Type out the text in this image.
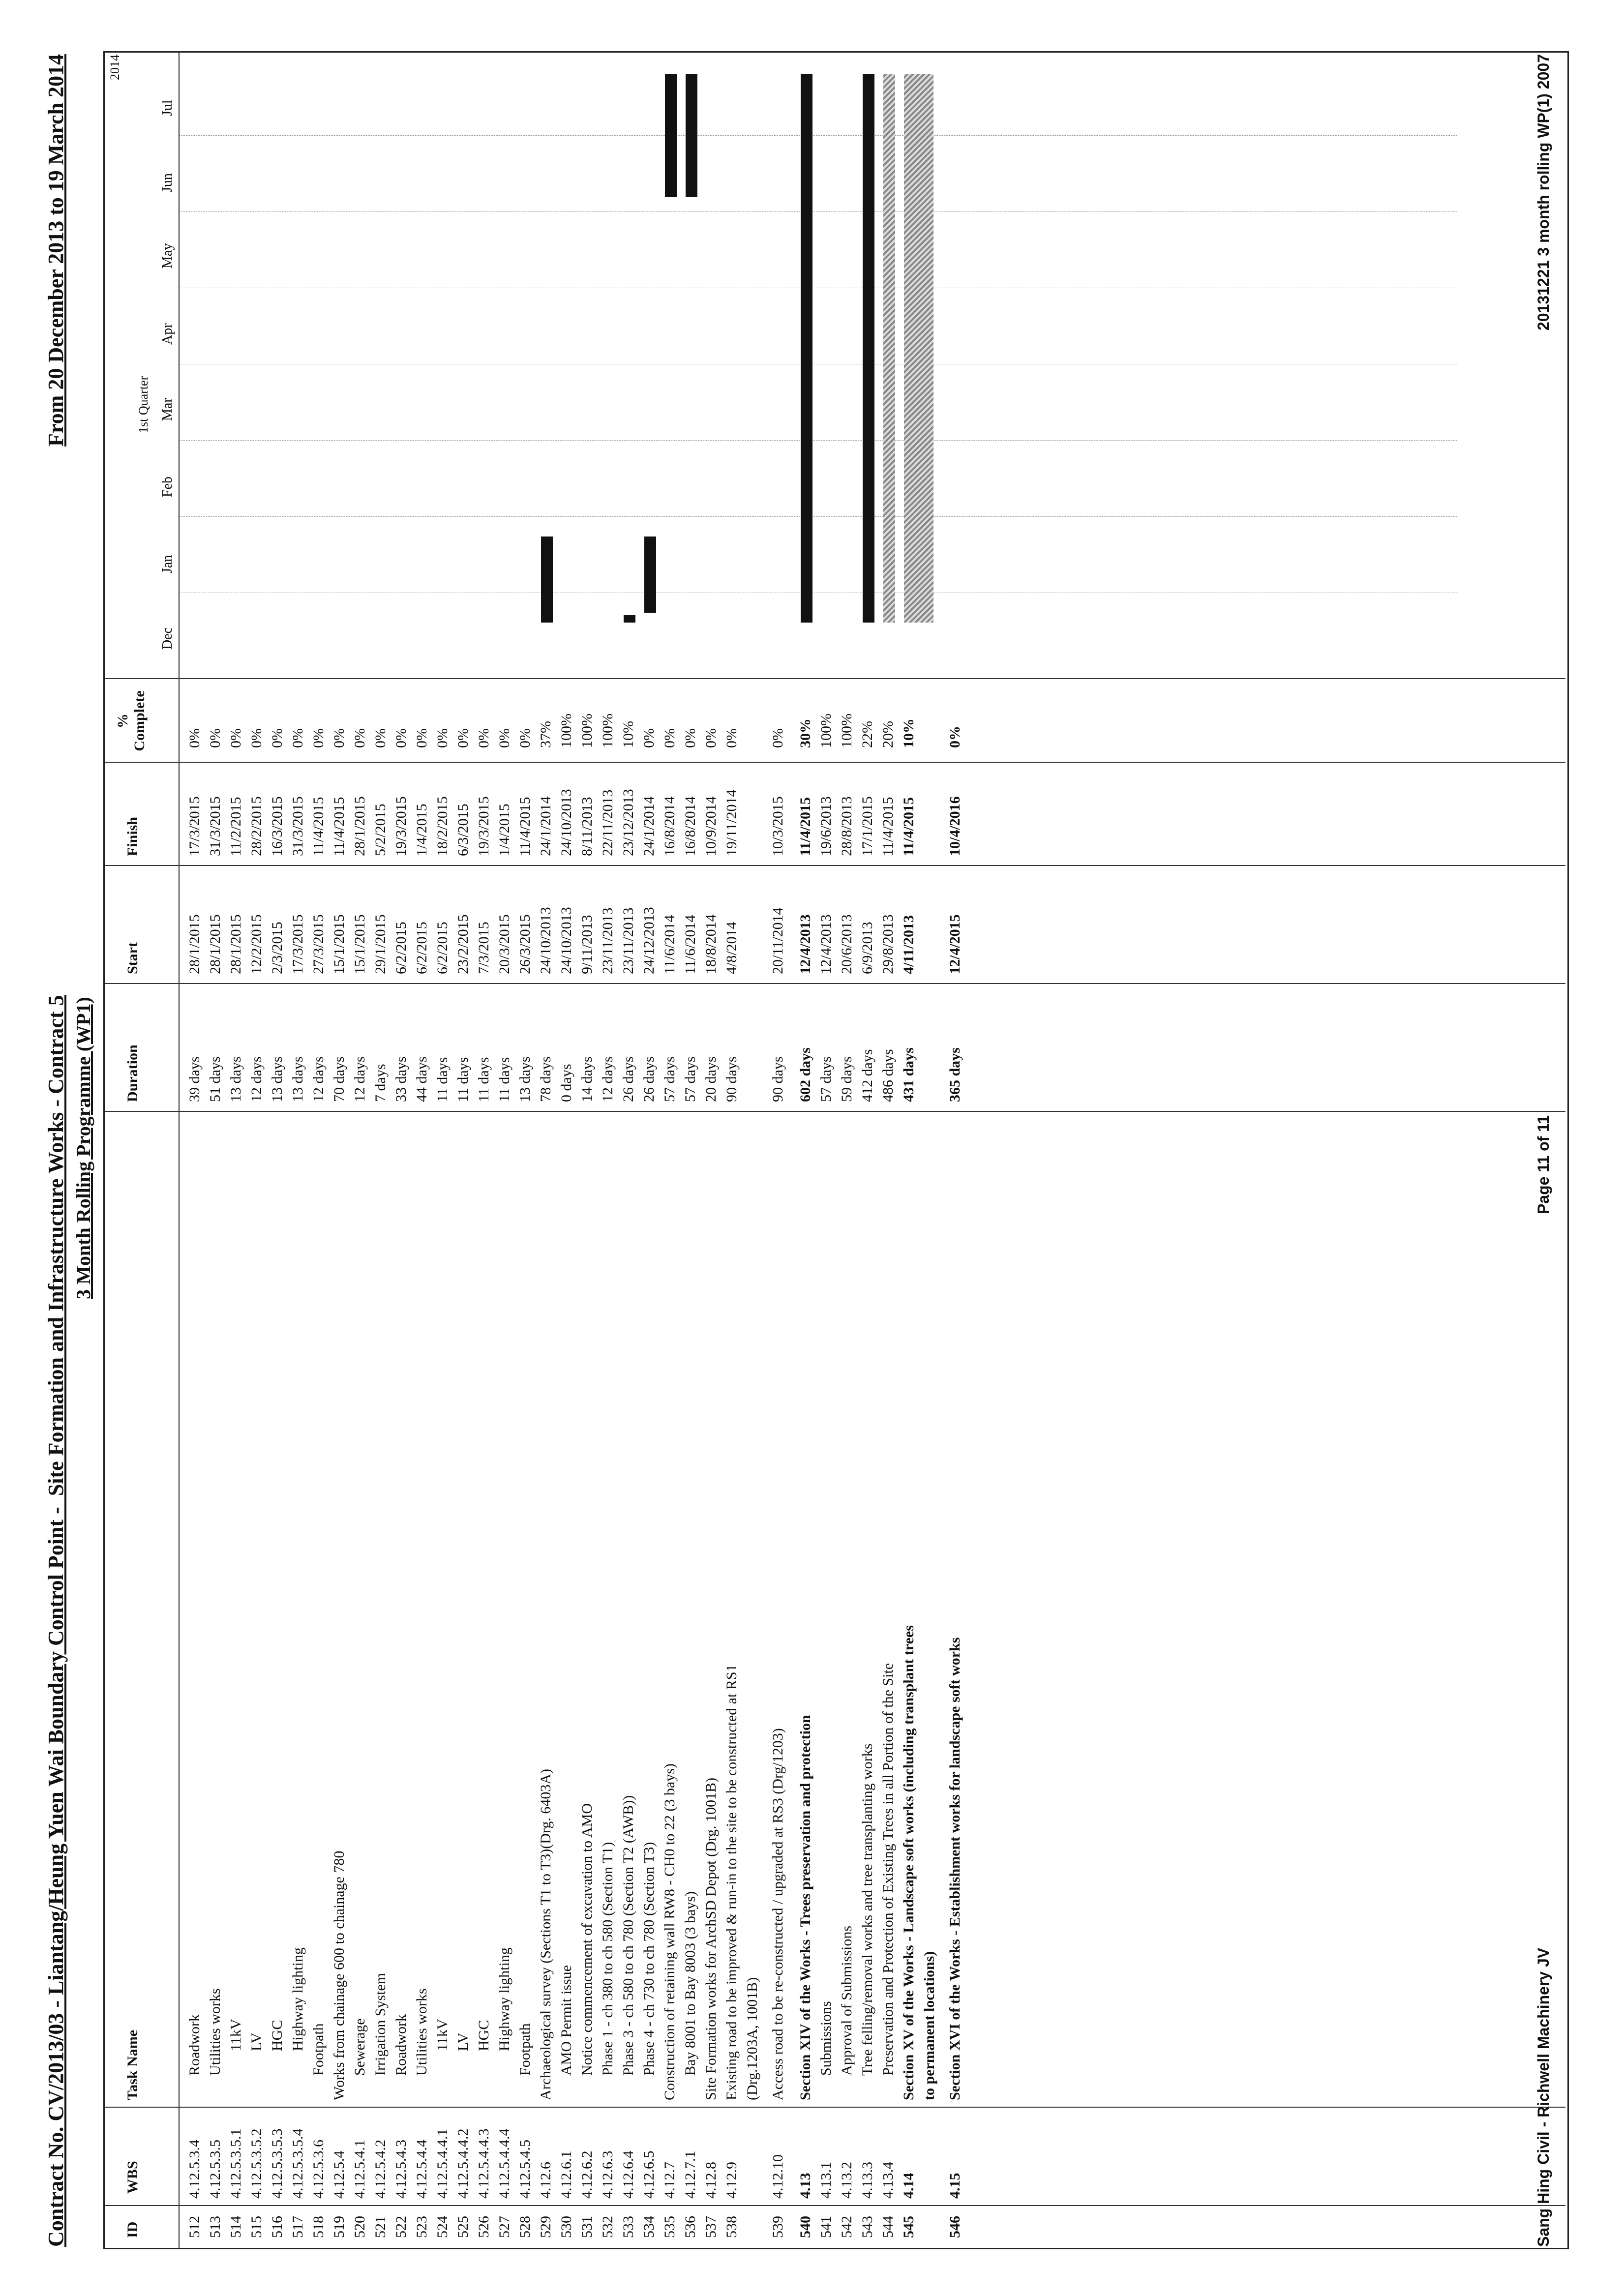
Contract No. CV/2013/03 - Liantang/Heung Yuen Wai Boundary Control Point -  Site Formation and Infrastructure Works - Contract 5
From 20 December 2013 to 19 March 2014
3 Month Rolling Programme (WP1)
ID
WBS
Task Name
Duration
Start
Finish
% Complete
2014
1st Quarter
Dec
Jan
Feb
Mar
Apr
May
Jun
Jul
512
4.12.5.3.4
Roadwork
39 days
28/1/2015
17/3/2015
0%
513
4.12.5.3.5
Utilities works
51 days
28/1/2015
31/3/2015
0%
514
4.12.5.3.5.1
11kV
13 days
28/1/2015
11/2/2015
0%
515
4.12.5.3.5.2
LV
12 days
12/2/2015
28/2/2015
0%
516
4.12.5.3.5.3
HGC
13 days
2/3/2015
16/3/2015
0%
517
4.12.5.3.5.4
Highway lighting
13 days
17/3/2015
31/3/2015
0%
518
4.12.5.3.6
Footpath
12 days
27/3/2015
11/4/2015
0%
519
4.12.5.4
Works from chainage 600 to chainage 780
70 days
15/1/2015
11/4/2015
0%
520
4.12.5.4.1
Sewerage
12 days
15/1/2015
28/1/2015
0%
521
4.12.5.4.2
Irrigation System
7 days
29/1/2015
5/2/2015
0%
522
4.12.5.4.3
Roadwork
33 days
6/2/2015
19/3/2015
0%
523
4.12.5.4.4
Utilities works
44 days
6/2/2015
1/4/2015
0%
524
4.12.5.4.4.1
11kV
11 days
6/2/2015
18/2/2015
0%
525
4.12.5.4.4.2
LV
11 days
23/2/2015
6/3/2015
0%
526
4.12.5.4.4.3
HGC
11 days
7/3/2015
19/3/2015
0%
527
4.12.5.4.4.4
Highway lighting
11 days
20/3/2015
1/4/2015
0%
528
4.12.5.4.5
Footpath
13 days
26/3/2015
11/4/2015
0%
529
4.12.6
Archaeological survey (Sections T1 to T3)(Drg. 6403A)
78 days
24/10/2013
24/1/2014
37%
530
4.12.6.1
AMO Permit issue
0 days
24/10/2013
24/10/2013
100%
531
4.12.6.2
Notice commencement of excavation to AMO
14 days
9/11/2013
8/11/2013
100%
532
4.12.6.3
Phase 1 - ch 380 to ch 580 (Section T1)
12 days
23/11/2013
22/11/2013
100%
533
4.12.6.4
Phase 3 - ch 580 to ch 780 (Section T2 (AWB))
26 days
23/11/2013
23/12/2013
10%
534
4.12.6.5
Phase 4 - ch 730 to ch 780 (Section T3)
26 days
24/12/2013
24/1/2014
0%
535
4.12.7
Construction of retaining wall RW8 - CH0 to 22 (3 bays)
57 days
11/6/2014
16/8/2014
0%
536
4.12.7.1
Bay 8001 to Bay 8003 (3 bays)
57 days
11/6/2014
16/8/2014
0%
537
4.12.8
Site Formation works for ArchSD Depot (Drg. 1001B)
20 days
18/8/2014
10/9/2014
0%
538
4.12.9
Existing road to be improved & run-in to the site to be constructed at RS1 (Drg.1203A, 1001B)
90 days
4/8/2014
19/11/2014
0%
539
4.12.10
Access road to be re-constructed / upgraded at RS3 (Drg/1203)
90 days
20/11/2014
10/3/2015
0%
540
4.13
Section XIV of the Works - Trees preservation and protection
602 days
12/4/2013
11/4/2015
30%
541
4.13.1
Submissions
57 days
12/4/2013
19/6/2013
100%
542
4.13.2
Approval of Submissions
59 days
20/6/2013
28/8/2013
100%
543
4.13.3
Tree felling/removal works and tree transplanting works
412 days
6/9/2013
17/1/2015
22%
544
4.13.4
Preservation and Protection of Existing Trees in all Portion of the Site
486 days
29/8/2013
11/4/2015
20%
545
4.14
Section XV of the Works - Landscape soft works (including transplant trees to permanent locations)
431 days
4/11/2013
11/4/2015
10%
546
4.15
Section XVI of the Works - Establishment works for landscape soft works
365 days
12/4/2015
10/4/2016
0%
Sang Hing Civil - Richwell Machinery JV
Page 11 of 11
20131221 3 month rolling WP(1) 2007
